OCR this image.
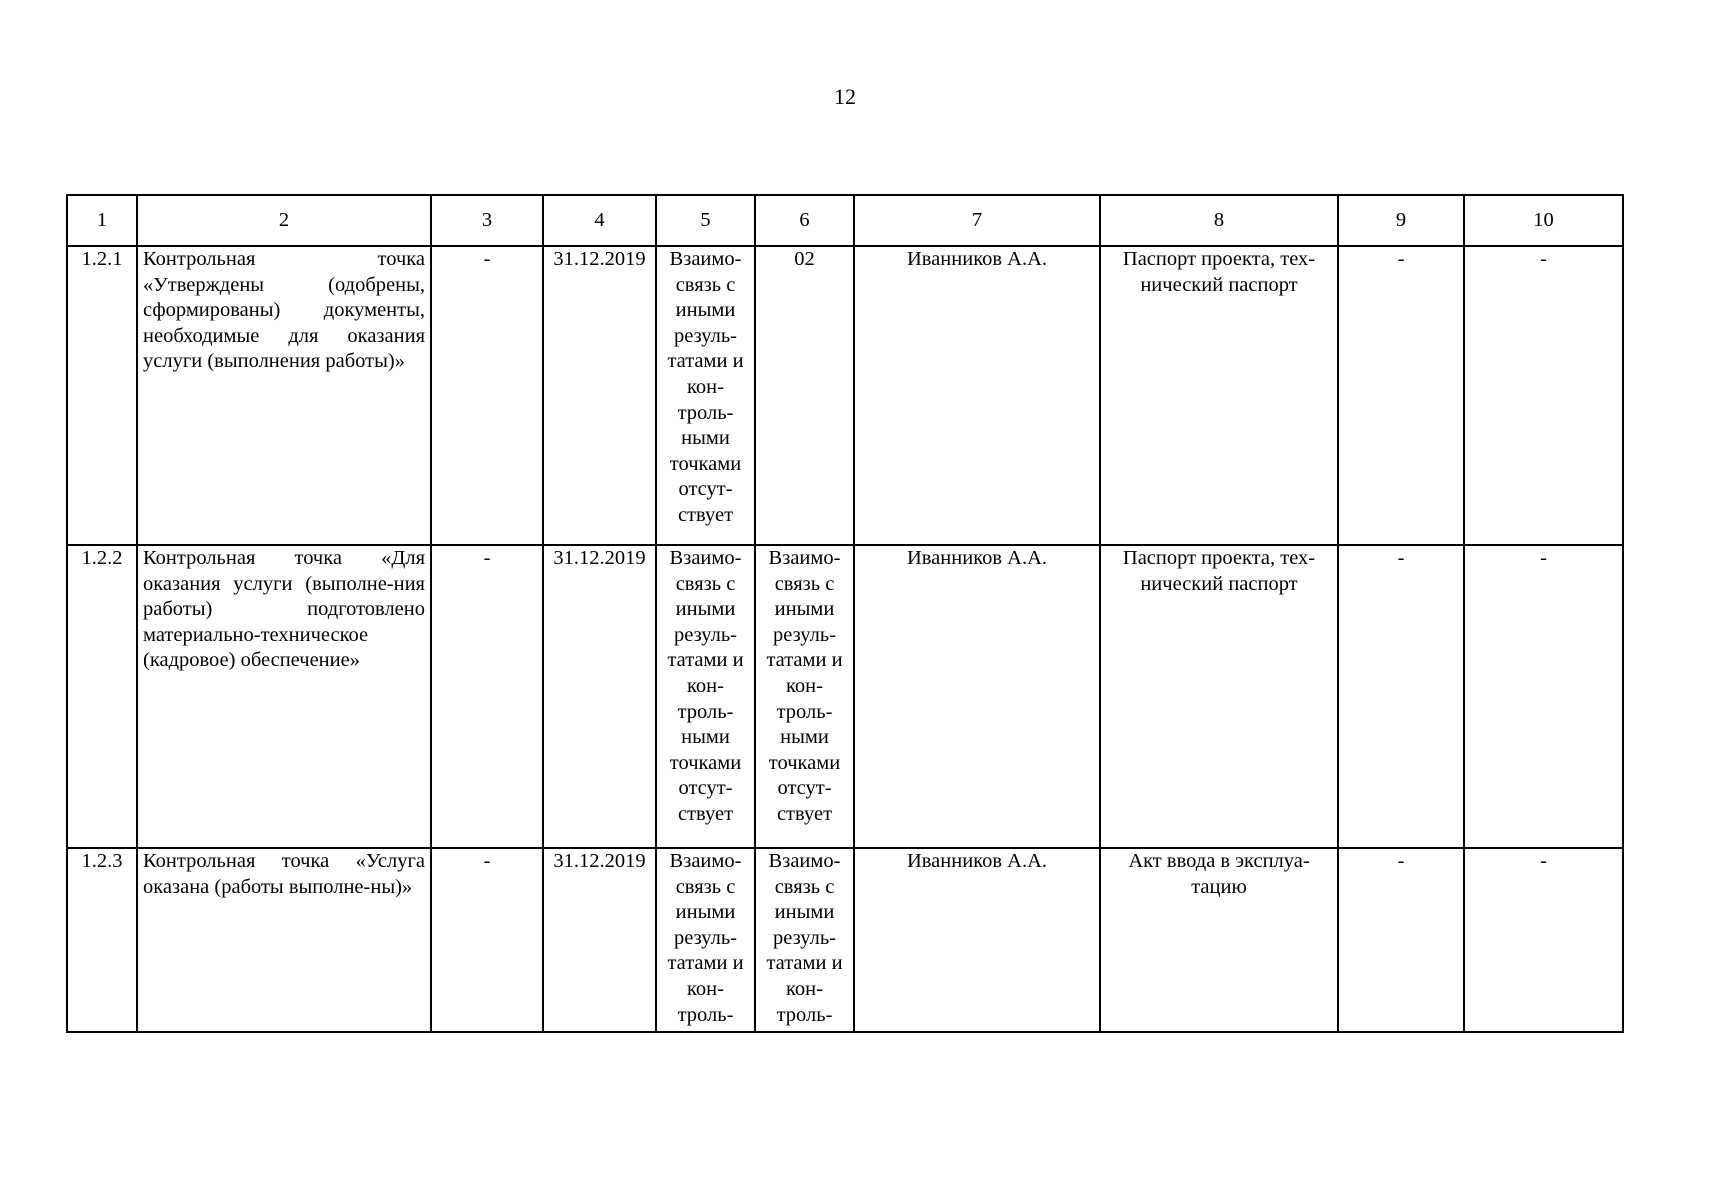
12
1	2	3	4	5	6	7	8	9	10
1.2.1	Контрольная точка «Утверждены (одобрены, сформированы) документы, необходимые для оказания услуги (выполнения работы)»	-	31.12.2019	Взаимо-связь с иными резуль-татами и кон-троль-ными точками отсут-ствует	02	Иванников А.А.	Паспорт проекта, тех-нический паспорт	-	-
1.2.2	Контрольная точка «Для оказания услуги (выполне-ния работы) подготовлено материально-техническое (кадровое) обеспечение»	-	31.12.2019	Взаимо-связь с иными резуль-татами и кон-троль-ными точками отсут-ствует	Взаимо-связь с иными резуль-татами и кон-троль-ными точками отсут-ствует	Иванников А.А.	Паспорт проекта, тех-нический паспорт	-	-
1.2.3	Контрольная точка «Услуга оказана (работы выполне-ны)»	-	31.12.2019	Взаимо-связь с иными резуль-татами и кон-троль-	Взаимо-связь с иными резуль-татами и кон-троль-	Иванников А.А.	Акт ввода в эксплуа-тацию	-	-
